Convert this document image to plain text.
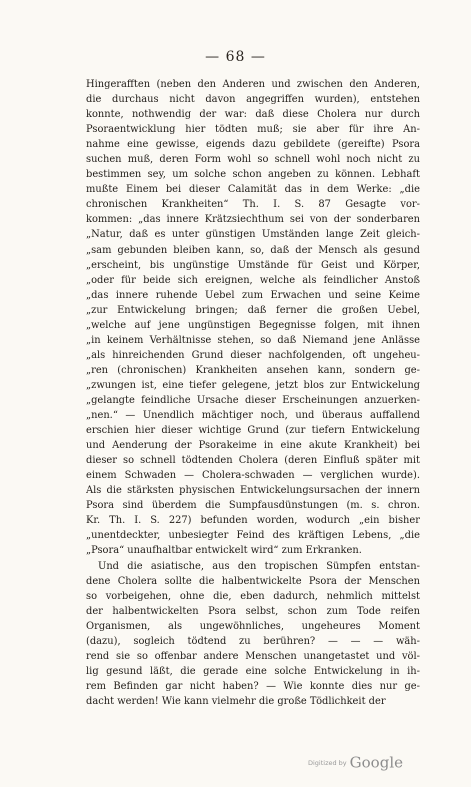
— 68 —
Hingerafften (neben den Anderen und zwischen den Anderen,
die durchaus nicht davon angegriffen wurden), entstehen
konnte, nothwendig der war: daß diese Cholera nur durch
Psoraentwicklung hier tödten muß; sie aber für ihre An-
nahme eine gewisse, eigends dazu gebildete (gereifte) Psora
suchen muß, deren Form wohl so schnell wohl noch nicht zu
bestimmen sey, um solche schon angeben zu können. Lebhaft
mußte Einem bei dieser Calamität das in dem Werke: „die
chronischen Krankheiten“ Th. I. S. 87 Gesagte vor-
kommen: „das innere Krätzsiechthum sei von der sonderbaren
„Natur, daß es unter günstigen Umständen lange Zeit gleich-
„sam gebunden bleiben kann, so, daß der Mensch als gesund
„erscheint, bis ungünstige Umstände für Geist und Körper,
„oder für beide sich ereignen, welche als feindlicher Anstoß
„das innere ruhende Uebel zum Erwachen und seine Keime
„zur Entwickelung bringen; daß ferner die großen Uebel,
„welche auf jene ungünstigen Begegnisse folgen, mit ihnen
„in keinem Verhältnisse stehen, so daß Niemand jene Anlässe
„als hinreichenden Grund dieser nachfolgenden, oft ungeheu-
„ren (chronischen) Krankheiten ansehen kann, sondern ge-
„zwungen ist, eine tiefer gelegene, jetzt blos zur Entwickelung
„gelangte feindliche Ursache dieser Erscheinungen anzuerken-
„nen.“ — Unendlich mächtiger noch, und überaus auffallend
erschien hier dieser wichtige Grund (zur tiefern Entwickelung
und Aenderung der Psorakeime in eine akute Krankheit) bei
dieser so schnell tödtenden Cholera (deren Einfluß später mit
einem Schwaden — Cholera-schwaden — verglichen wurde).
Als die stärksten physischen Entwickelungsursachen der innern
Psora sind überdem die Sumpfausdünstungen (m. s. chron.
Kr. Th. I. S. 227) befunden worden, wodurch „ein bisher
„unentdeckter, unbesiegter Feind des kräftigen Lebens, „die
„Psora“ unaufhaltbar entwickelt wird“ zum Erkranken.
Und die asiatische, aus den tropischen Sümpfen entstan-
dene Cholera sollte die halbentwickelte Psora der Menschen
so vorbeigehen, ohne die, eben dadurch, nehmlich mittelst
der halbentwickelten Psora selbst, schon zum Tode reifen
Organismen, als ungewöhnliches, ungeheures Moment
(dazu), sogleich tödtend zu berühren? — — — wäh-
rend sie so offenbar andere Menschen unangetastet und völ-
lig gesund läßt, die gerade eine solche Entwickelung in ih-
rem Befinden gar nicht haben? — Wie konnte dies nur ge-
dacht werden! Wie kann vielmehr die große Tödlichkeit der
Digitized by Google
